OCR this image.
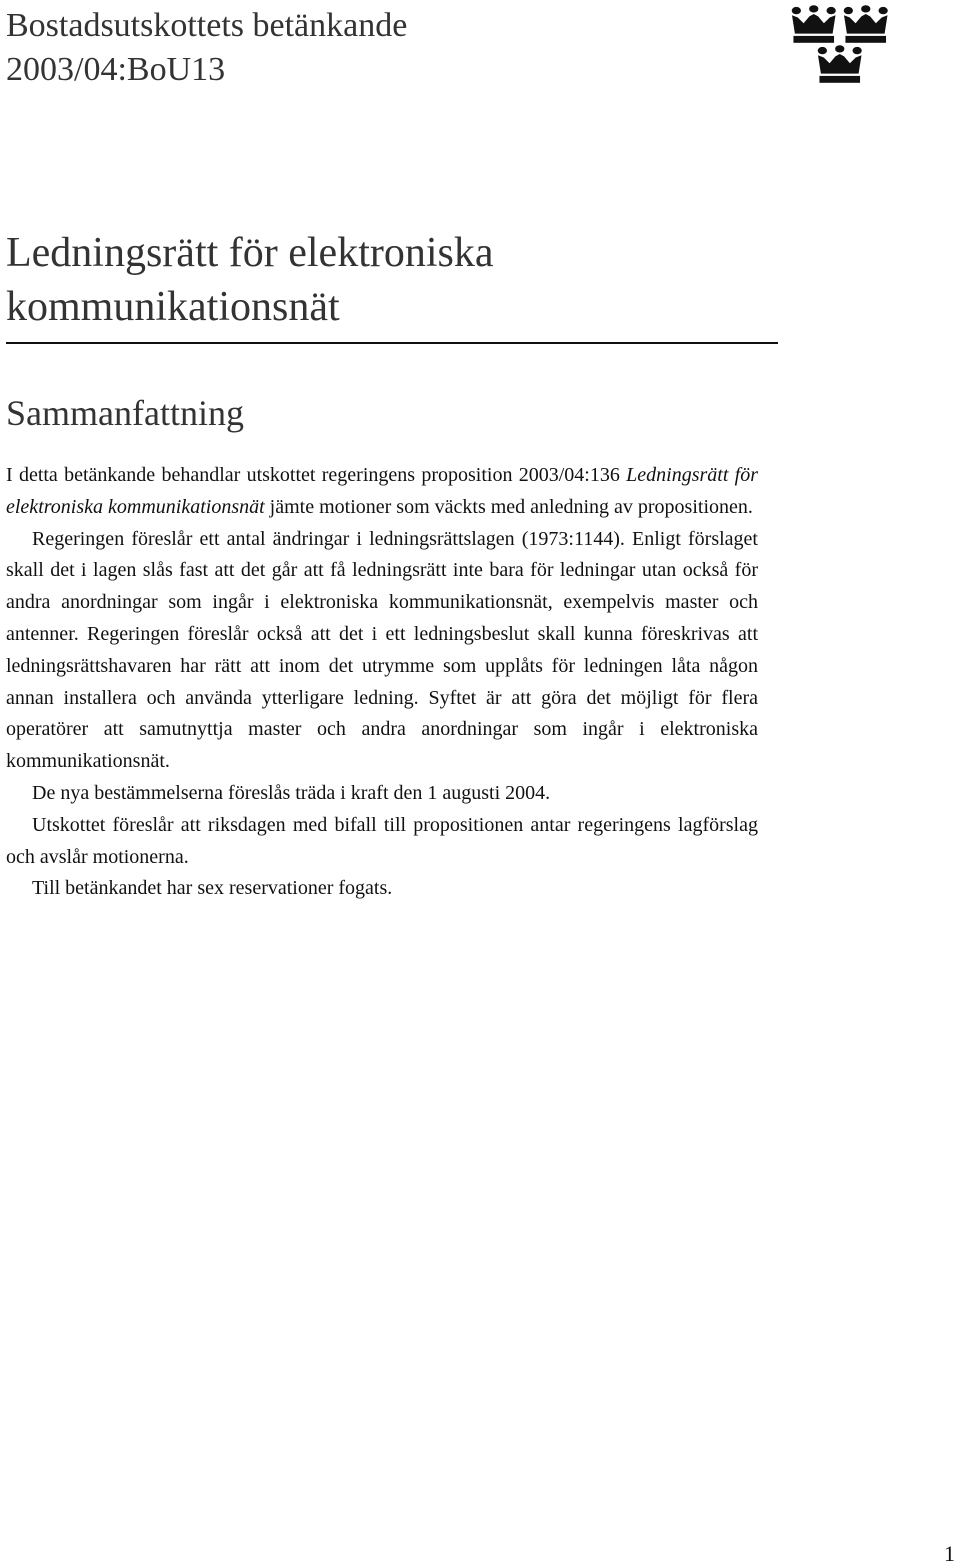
Bostadsutskottets betänkande
2003/04:BoU13
Ledningsrätt för elektroniska
kommunikationsnät
Sammanfattning

I detta betänkande behandlar utskottet regeringens proposition 2003/04:136 Ledningsrätt för elektroniska kommunikationsnät jämte motioner som väckts med anledning av propositionen.

Regeringen föreslår ett antal ändringar i ledningsrättslagen (1973:1144). Enligt förslaget skall det i lagen slås fast att det går att få ledningsrätt inte bara för ledningar utan också för andra anordningar som ingår i elektroniska kommunikationsnät, exempelvis master och antenner. Regeringen föreslår också att det i ett ledningsbeslut skall kunna föreskrivas att ledningsrättshavaren har rätt att inom det utrymme som upplåts för ledningen låta någon annan installera och använda ytterligare ledning. Syftet är att göra det möjligt för flera operatörer att samutnyttja master och andra anordningar som ingår i elektroniska kommunikationsnät.

De nya bestämmelserna föreslås träda i kraft den 1 augusti 2004.

Utskottet föreslår att riksdagen med bifall till propositionen antar regeringens lagförslag och avslår motionerna.

Till betänkandet har sex reservationer fogats.

1
